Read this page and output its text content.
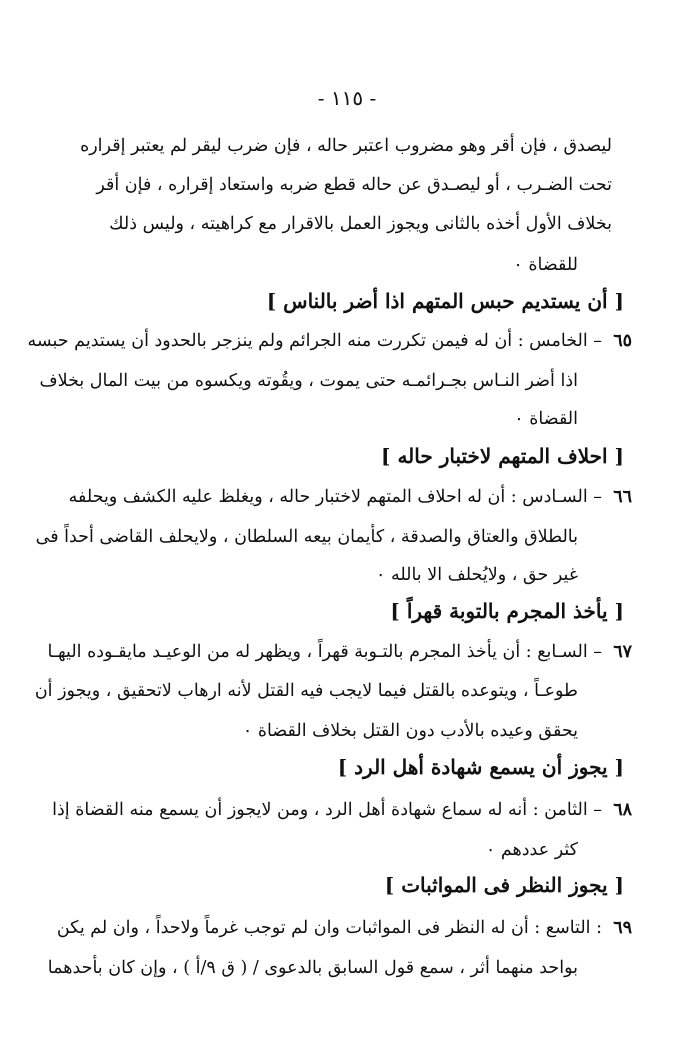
- ١١٥ -
ليصدق ، فإن أقر وهو مضروب اعتبر حاله ، فإن ضرب ليقر لم يعتبر إقراره
تحت الضـرب ، أو ليصـدق عن حاله قطع ضربه واستعاد إقراره ، فإن أقر
بخلاف الأول أخذه بالثانى ويجوز العمل بالاقرار مع كراهيته ، وليس ذلك
للقضاة ٠
[ أن يستديم حبس المتهم اذا أضر بالناس ]
٦٥
– الخامس : أن له فيمن تكررت منه الجرائم ولم ينزجر بالحدود أن يستديم حبسه
اذا أضر النـاس بجـرائمـه حتى يموت ، ويقُوته ويكسوه من بيت المال بخلاف
القضاة ٠
[ احلاف المتهم لاختبار حاله ]
٦٦
– السـادس : أن له احلاف المتهم لاختبار حاله ، ويغلظ عليه الكشف ويحلفه
بالطلاق والعتاق والصدقة ، كأيمان بيعه السلطان ، ولايحلف القاضى أحداً فى
غير حق ، ولايُحلف الا بالله ٠
[ يأخذ المجرم بالتوبة قهراً ]
٦٧
– السـابع : أن يأخذ المجرم بالتـوبة قهراً ، ويظهر له من الوعيـد مايقـوده اليهـا
طوعـاً ، ويتوعده بالقتل فيما لايجب فيه القتل لأنه ارهاب لاتحقيق ، ويجوز أن
يحقق وعيده بالأدب دون القتل بخلاف القضاة ٠
[ يجوز أن يسمع شهادة أهل الرد ]
٦٨
– الثامن : أنه له سماع شهادة أهل الرد ، ومن لايجوز أن يسمع منه القضاة إذا
كثر عددهم ٠
[ يجوز النظر فى المواثبات ]
٦٩
: التاسع : أن له النظر فى المواثبات وان لم توجب غرماً ولاحداً ، وان لم يكن
بواحد منهما أثر ، سمع قول السابق بالدعوى / ( ق ٩/أ ) ، وإن كان بأحدهما
